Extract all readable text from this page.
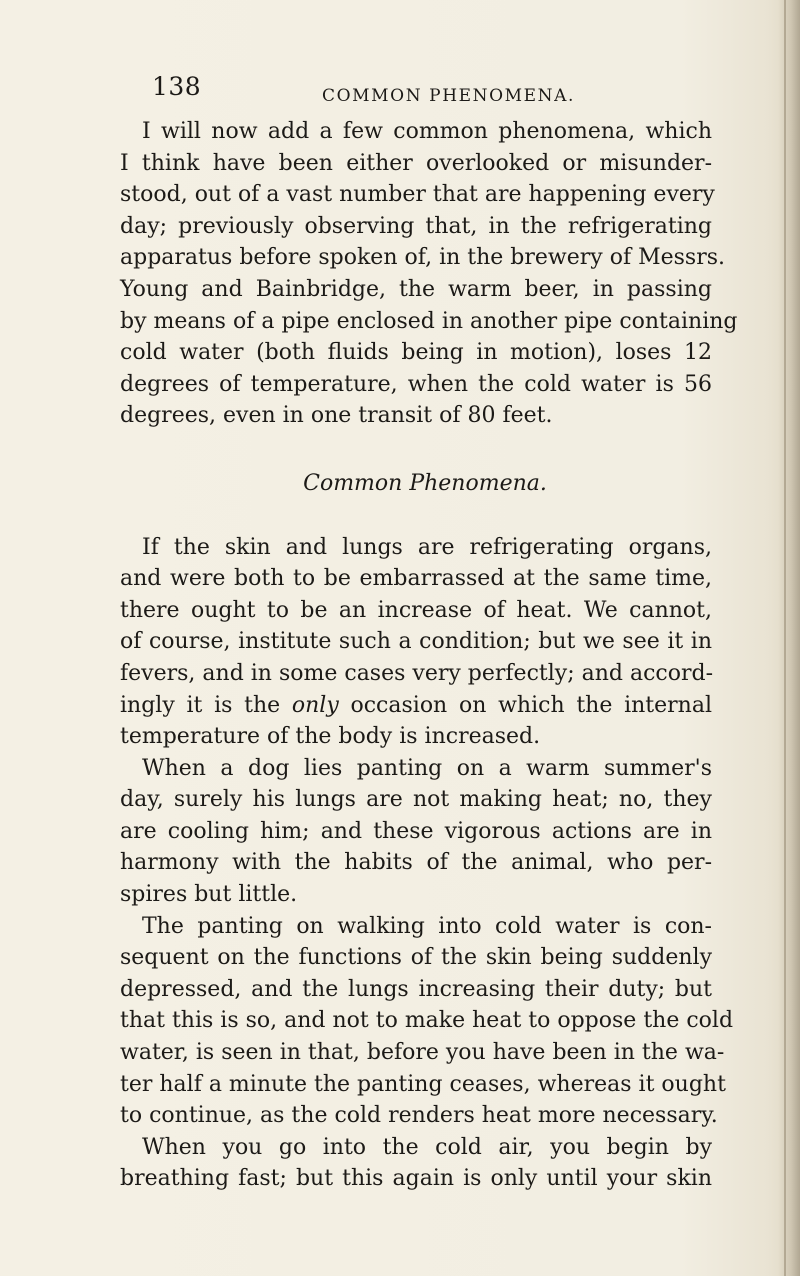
138	COMMON PHENOMENA.
I will now add a few common phenomena, which
I think have been either overlooked or misunder-
stood, out of a vast number that are happening every
day; previously observing that, in the refrigerating
apparatus before spoken of, in the brewery of Messrs.
Young and Bainbridge, the warm beer, in passing
by means of a pipe enclosed in another pipe containing
cold water (both fluids being in motion), loses 12
degrees of temperature, when the cold water is 56
degrees, even in one transit of 80 feet.
Common Phenomena.
If the skin and lungs are refrigerating organs,
and were both to be embarrassed at the same time,
there ought to be an increase of heat. We cannot,
of course, institute such a condition; but we see it in
fevers, and in some cases very perfectly; and accord-
ingly it is the only occasion on which the internal
temperature of the body is increased.
When a dog lies panting on a warm summer's
day, surely his lungs are not making heat; no, they
are cooling him; and these vigorous actions are in
harmony with the habits of the animal, who per-
spires but little.
The panting on walking into cold water is con-
sequent on the functions of the skin being suddenly
depressed, and the lungs increasing their duty; but
that this is so, and not to make heat to oppose the cold
water, is seen in that, before you have been in the wa-
ter half a minute the panting ceases, whereas it ought
to continue, as the cold renders heat more necessary.
When you go into the cold air, you begin by
breathing fast; but this again is only until your skin
